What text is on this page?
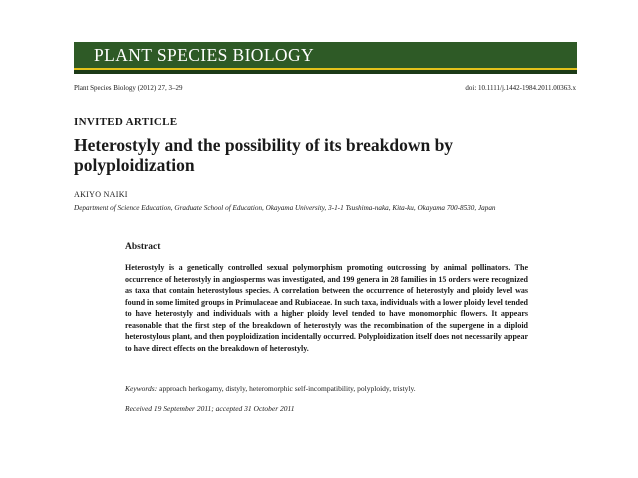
PLANT SPECIES BIOLOGY
Plant Species Biology (2012) 27, 3–29	doi: 10.1111/j.1442-1984.2011.00363.x
INVITED ARTICLE
Heterostyly and the possibility of its breakdown by polyploidization
AKIYO NAIKI

Department of Science Education, Graduate School of Education, Okayama University, 3-1-1 Tsushima-naka, Kita-ku, Okayama 700-8530, Japan

Abstract

Heterostyly is a genetically controlled sexual polymorphism promoting outcrossing by animal pollinators. The occurrence of heterostyly in angiosperms was investigated, and 199 genera in 28 families in 15 orders were recognized as taxa that contain heterostylous species. A correlation between the occurrence of heterostyly and ploidy level was found in some limited groups in Primulaceae and Rubiaceae. In such taxa, individuals with a lower ploidy level tended to have heterostyly and individuals with a higher ploidy level tended to have monomorphic flowers. It appears reasonable that the first step of the breakdown of heterostyly was the recombination of the supergene in a diploid heterostylous plant, and then poyploidization incidentally occurred. Polyploidization itself does not necessarily appear to have direct effects on the breakdown of heterostyly.

Keywords: approach herkogamy, distyly, heteromorphic self-incompatibility, polyploidy, tristyly.

Received 19 September 2011; accepted 31 October 2011
